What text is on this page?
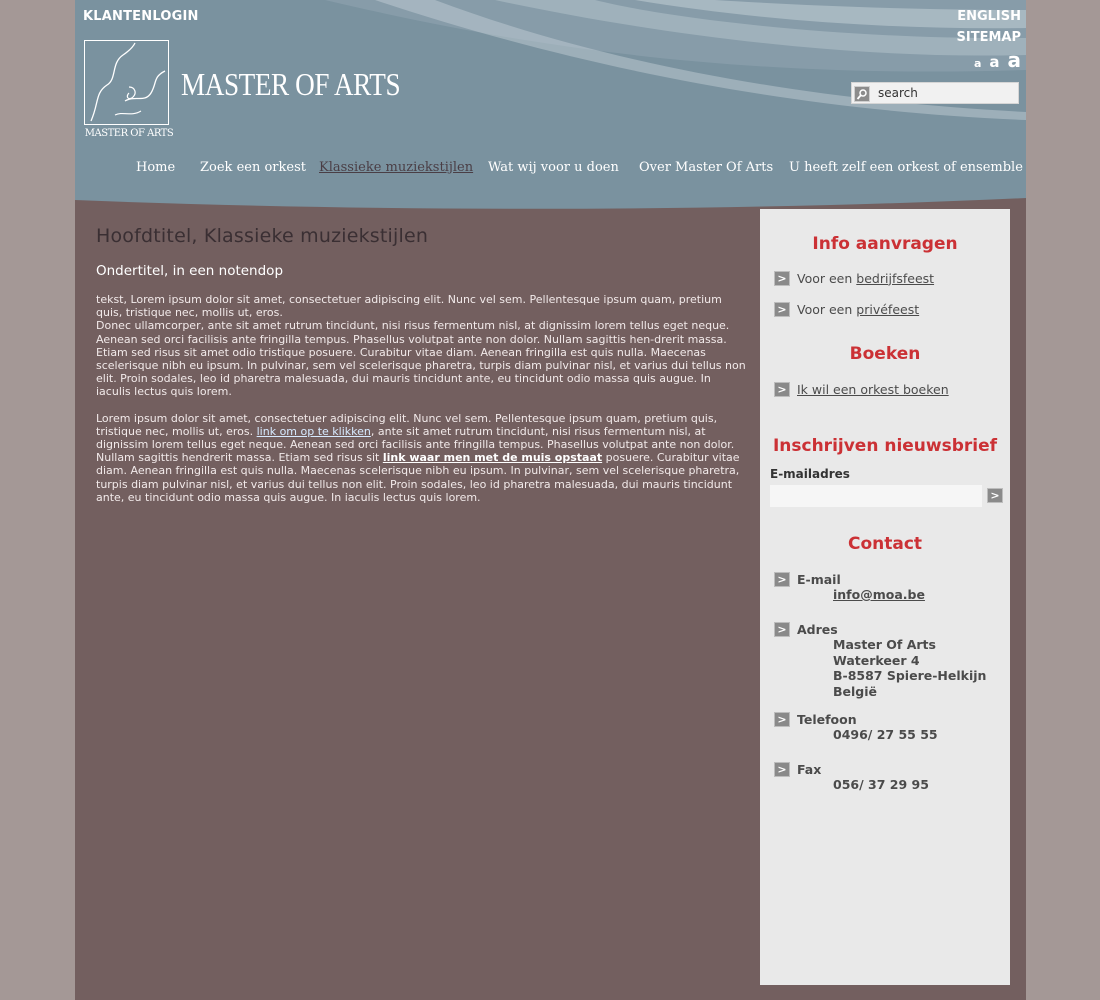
KLANTENLOGIN	ENGLISH
SITEMAP
a a a
search
MASTER OF ARTS
MASTER OF ARTS
Home Zoek een orkest Klassieke muziekstijlen Wat wij voor u doen Over Master Of Arts U heeft zelf een orkest of ensemble
Hoofdtitel, Klassieke muziekstijlen
Ondertitel, in een notendop
tekst, Lorem ipsum dolor sit amet, consectetuer adipiscing elit. Nunc vel sem. Pellentesque ipsum quam, pretium quis, tristique nec, mollis ut, eros.
Donec ullamcorper, ante sit amet rutrum tincidunt, nisi risus fermentum nisl, at dignissim lorem tellus eget neque. Aenean sed orci facilisis ante fringilla tempus. Phasellus volutpat ante non dolor. Nullam sagittis hen-drerit massa. Etiam sed risus sit amet odio tristique posuere. Curabitur vitae diam. Aenean fringilla est quis nulla. Maecenas scelerisque nibh eu ipsum. In pulvinar, sem vel scelerisque pharetra, turpis diam pulvinar nisl, et varius dui tellus non elit. Proin sodales, leo id pharetra malesuada, dui mauris tincidunt ante, eu tincidunt odio massa quis augue. In iaculis lectus quis lorem.
Lorem ipsum dolor sit amet, consectetuer adipiscing elit. Nunc vel sem. Pellentesque ipsum quam, pretium quis, tristique nec, mollis ut, eros. link om op te klikken, ante sit amet rutrum tincidunt, nisi risus fermentum nisl, at dignissim lorem tellus eget neque. Aenean sed orci facilisis ante fringilla tempus. Phasellus volutpat ante non dolor. Nullam sagittis hendrerit massa. Etiam sed risus sit link waar men met de muis opstaat posuere. Curabitur vitae diam. Aenean fringilla est quis nulla. Maecenas scelerisque nibh eu ipsum. In pulvinar, sem vel scelerisque pharetra, turpis diam pulvinar nisl, et varius dui tellus non elit. Proin sodales, leo id pharetra malesuada, dui mauris tincidunt ante, eu tincidunt odio massa quis augue. In iaculis lectus quis lorem.
Info aanvragen
> Voor een bedrijfsfeest
> Voor een privéfeest
Boeken
> Ik wil een orkest boeken
Inschrijven nieuwsbrief
E-mailadres
>
Contact
> E-mail
info@moa.be
> Adres
Master Of Arts
Waterkeer 4
B-8587 Spiere-Helkijn
België
> Telefoon
0496/ 27 55 55
> Fax
056/ 37 29 95
